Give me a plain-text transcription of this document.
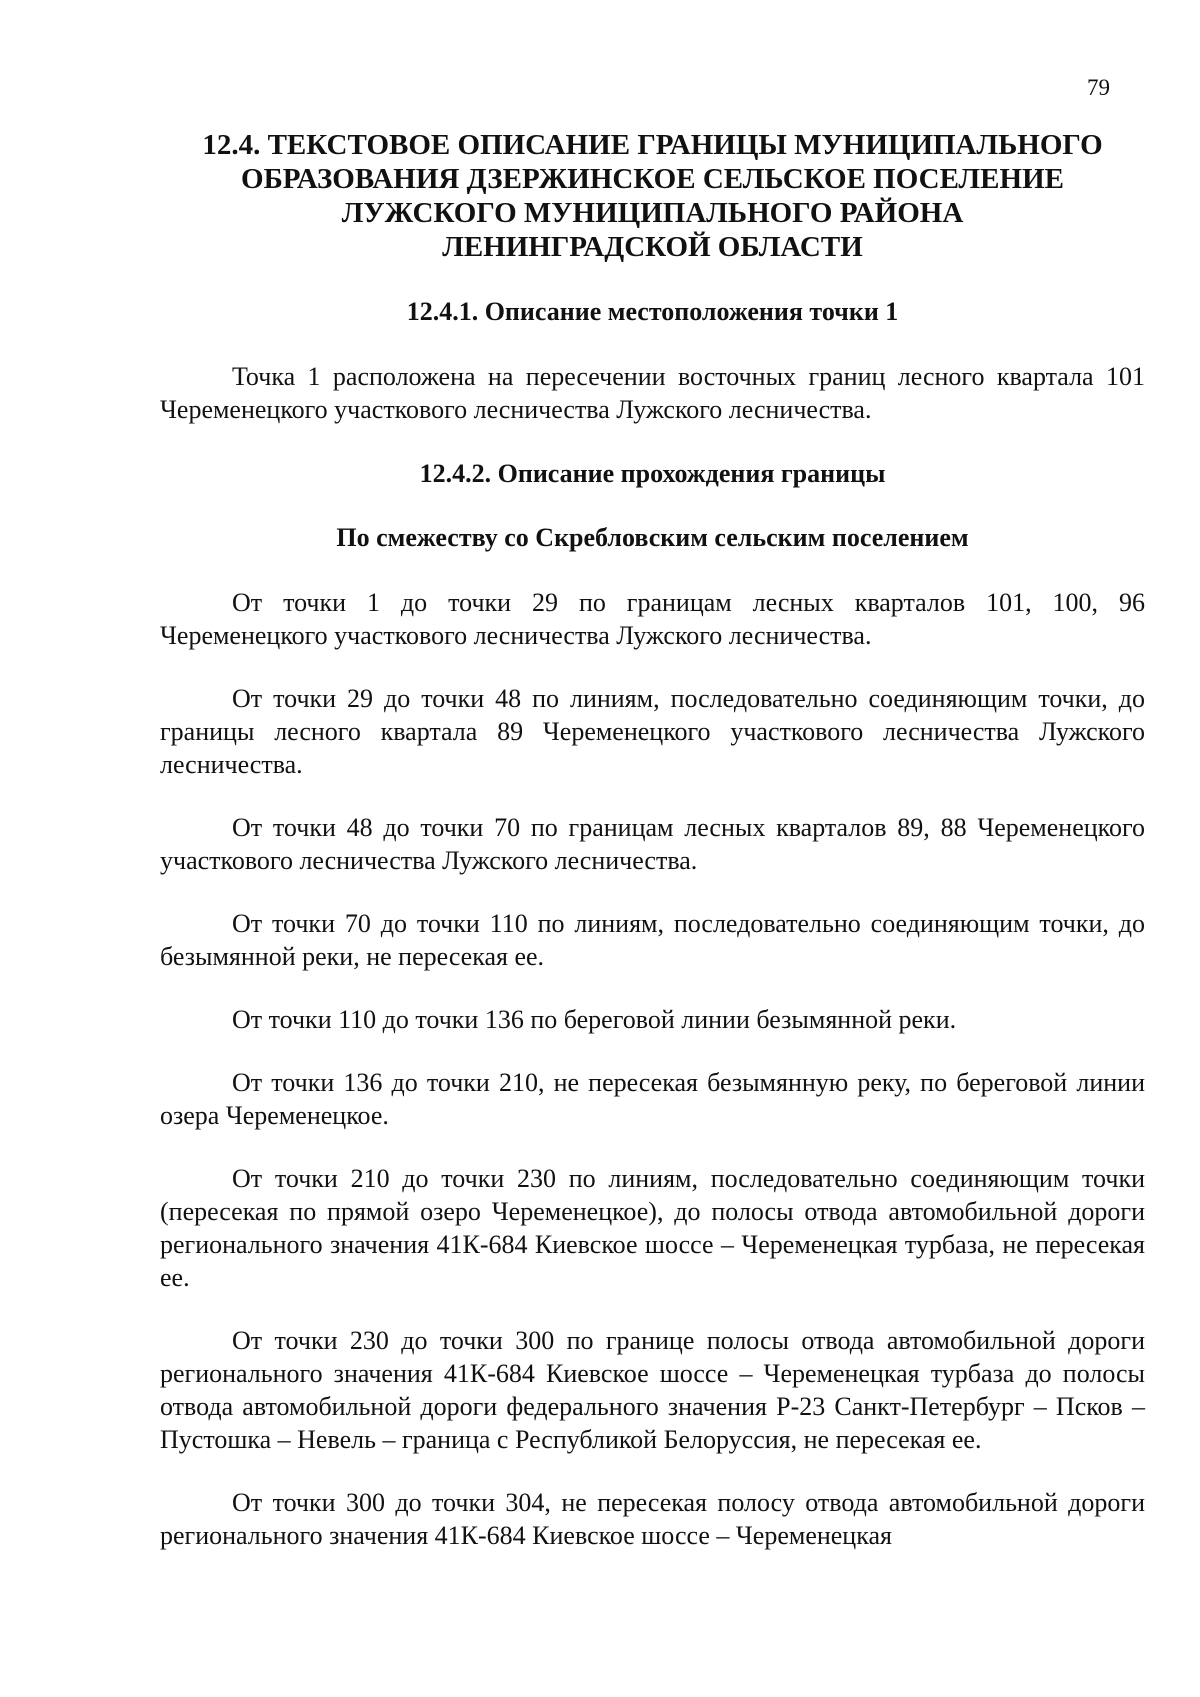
79
12.4. ТЕКСТОВОЕ ОПИСАНИЕ ГРАНИЦЫ МУНИЦИПАЛЬНОГО
ОБРАЗОВАНИЯ ДЗЕРЖИНСКОЕ СЕЛЬСКОЕ ПОСЕЛЕНИЕ
ЛУЖСКОГО МУНИЦИПАЛЬНОГО РАЙОНА
ЛЕНИНГРАДСКОЙ ОБЛАСТИ
12.4.1. Описание местоположения точки 1

Точка 1 расположена на пересечении восточных границ лесного квартала 101 Черeменецкого участкового лесничества Лужского лесничества.

12.4.2. Описание прохождения границы
По смежеству со Скребловским сельским поселением

От точки 1 до точки 29 по границам лесных кварталов 101, 100, 96 Череменецкого участкового лесничества Лужского лесничества.

От точки 29 до точки 48 по линиям, последовательно соединяющим точки, до границы лесного квартала 89 Череменецкого участкового лесничества Лужского лесничества.

От точки 48 до точки 70 по границам лесных кварталов 89, 88 Череменецкого участкового лесничества Лужского лесничества.

От точки 70 до точки 110 по линиям, последовательно соединяющим точки, до безымянной реки, не пересекая ее.

От точки 110 до точки 136 по береговой линии безымянной реки.

От точки 136 до точки 210, не пересекая безымянную реку, по береговой линии озера Череменецкое.

От точки 210 до точки 230 по линиям, последовательно соединяющим точки (пересекая по прямой озеро Череменецкое), до полосы отвода автомобильной дороги регионального значения 41К-684 Киевское шоссе – Череменецкая турбаза, не пересекая ее.

От точки 230 до точки 300 по границе полосы отвода автомобильной дороги регионального значения 41К-684 Киевское шоссе – Череменецкая турбаза до полосы отвода автомобильной дороги федерального значения Р-23 Санкт-Петербург – Псков – Пустошка – Невель – граница с Республикой Белоруссия, не пересекая ее.

От точки 300 до точки 304, не пересекая полосу отвода автомобильной дороги регионального значения 41К-684 Киевское шоссе – Череменецкая
